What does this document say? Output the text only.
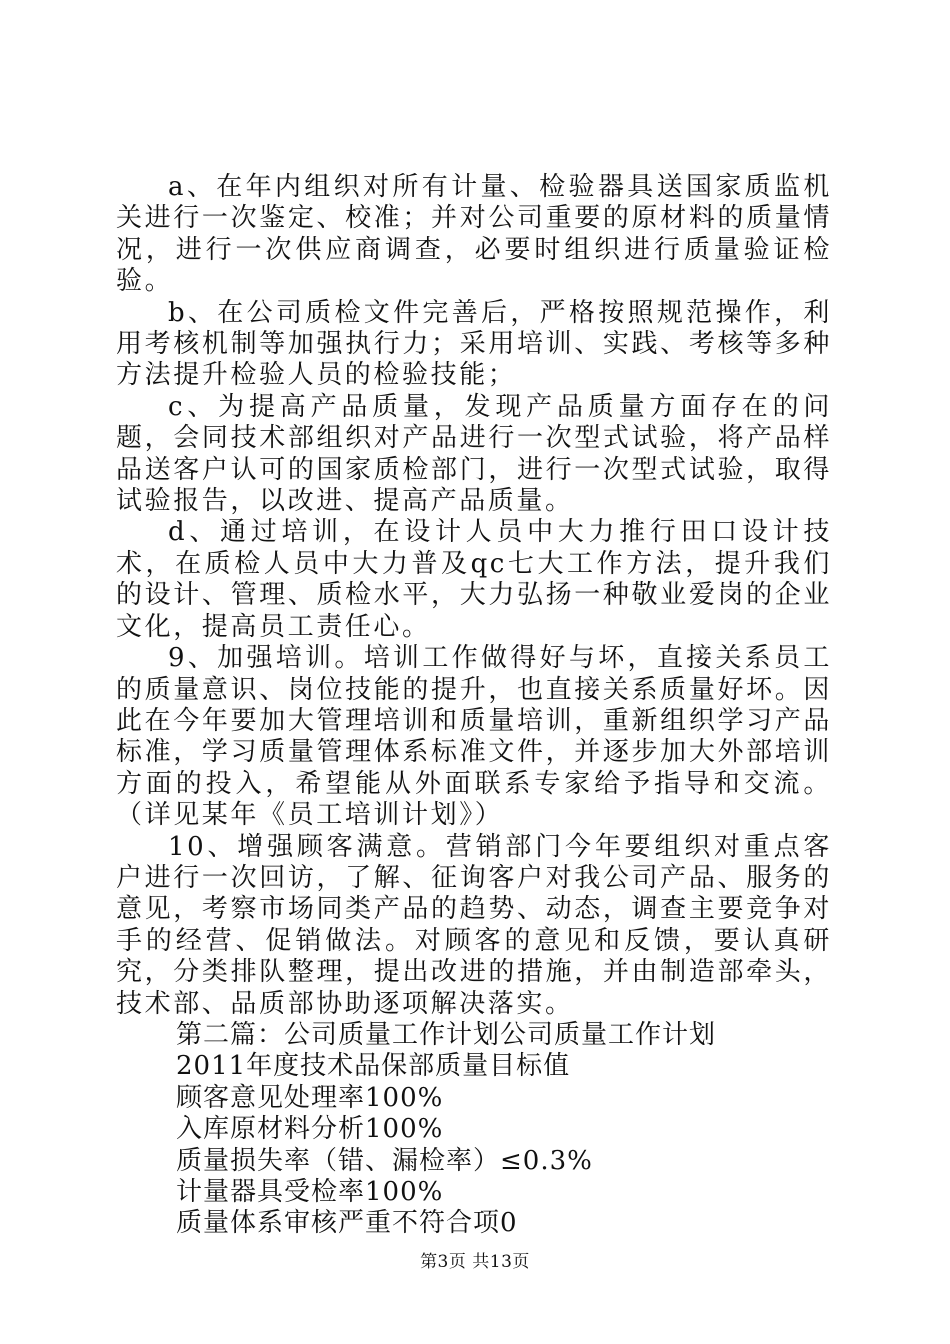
a、在年内组织对所有计量、检验器具送国家质监机关进行一次鉴定、校准；并对公司重要的原材料的质量情况，进行一次供应商调查，必要时组织进行质量验证检验。

b、在公司质检文件完善后，严格按照规范操作，利用考核机制等加强执行力；采用培训、实践、考核等多种方法提升检验人员的检验技能；

c、为提高产品质量，发现产品质量方面存在的问题，会同技术部组织对产品进行一次型式试验，将产品样品送客户认可的国家质检部门，进行一次型式试验，取得试验报告，以改进、提高产品质量。

d、通过培训，在设计人员中大力推行田口设计技术，在质检人员中大力普及qc七大工作方法，提升我们的设计、管理、质检水平，大力弘扬一种敬业爱岗的企业文化，提高员工责任心。

9、加强培训。培训工作做得好与坏，直接关系员工的质量意识、岗位技能的提升，也直接关系质量好坏。因此在今年要加大管理培训和质量培训，重新组织学习产品标准，学习质量管理体系标准文件，并逐步加大外部培训方面的投入，希望能从外面联系专家给予指导和交流。（详见某年《员工培训计划》）

10、增强顾客满意。营销部门今年要组织对重点客户进行一次回访，了解、征询客户对我公司产品、服务的意见，考察市场同类产品的趋势、动态，调查主要竞争对手的经营、促销做法。对顾客的意见和反馈，要认真研究，分类排队整理，提出改进的措施，并由制造部牵头，技术部、品质部协助逐项解决落实。

第二篇：公司质量工作计划公司质量工作计划

2011年度技术品保部质量目标值

顾客意见处理率100%

入库原材料分析100%

质量损失率（错、漏检率）≤0.3%

计量器具受检率100%

质量体系审核严重不符合项0

第3页 共13页
